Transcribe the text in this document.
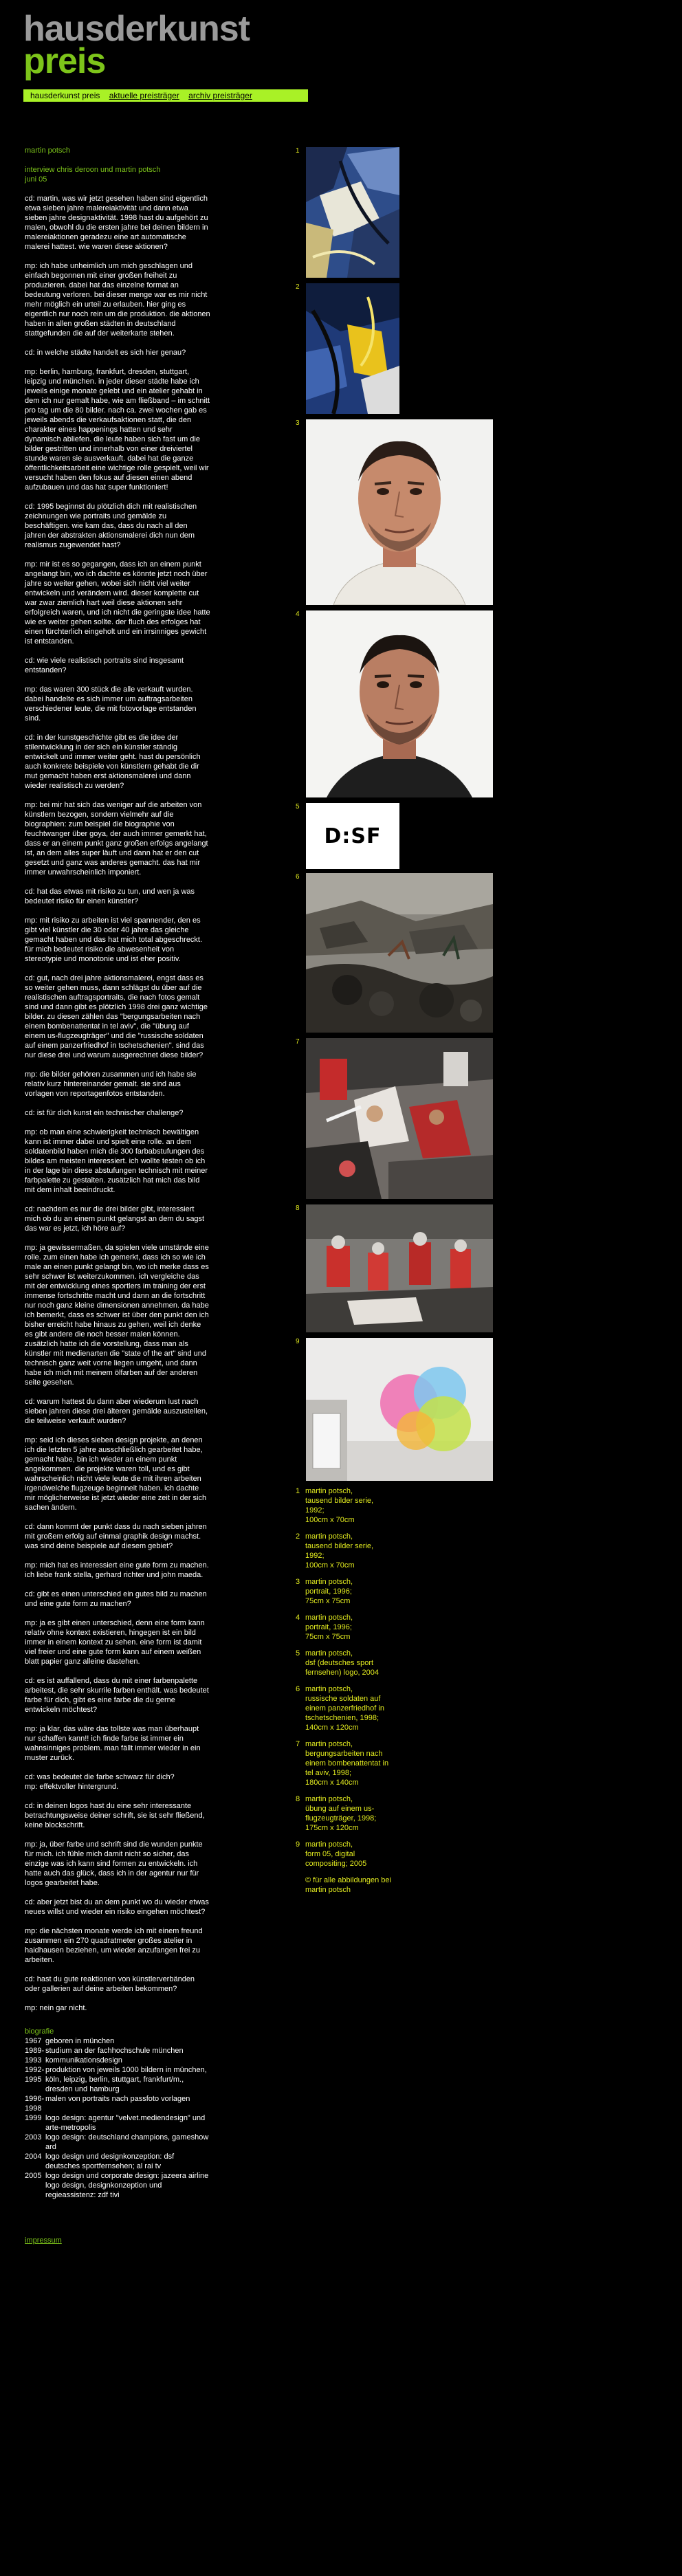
hausderkunst
preis
hausderkunst preis aktuelle preisträger archiv preisträger
martin potsch
interview chris deroon und martin potsch
juni 05
cd: martin, was wir jetzt gesehen haben sind eigentlich etwa sieben jahre malereiaktivität und dann etwa sieben jahre designaktivität. 1998 hast du aufgehört zu malen, obwohl du die ersten jahre bei deinen bildern in malereiaktionen geradezu eine art automatische malerei hattest. wie waren diese aktionen?
mp: ich habe unheimlich um mich geschlagen und einfach begonnen mit einer großen freiheit zu produzieren. dabei hat das einzelne format an bedeutung verloren. bei dieser menge war es mir nicht mehr möglich ein urteil zu erlauben. hier ging es eigentlich nur noch rein um die produktion. die aktionen haben in allen großen städten in deutschland stattgefunden die auf der weiterkarte stehen.
cd: in welche städte handelt es sich hier genau?
mp: berlin, hamburg, frankfurt, dresden, stuttgart, leipzig und münchen. in jeder dieser städte habe ich jeweils einige monate gelebt und ein atelier gehabt in dem ich nur gemalt habe, wie am fließband – im schnitt pro tag um die 80 bilder. nach ca. zwei wochen gab es jeweils abends die verkaufsaktionen statt, die den charakter eines happenings hatten und sehr dynamisch abliefen. die leute haben sich fast um die bilder gestritten und innerhalb von einer dreiviertel stunde waren sie ausverkauft. dabei hat die ganze öffentlichkeitsarbeit eine wichtige rolle gespielt, weil wir versucht haben den fokus auf diesen einen abend aufzubauen und das hat super funktioniert!
cd: 1995 beginnst du plötzlich dich mit realistischen zeichnungen wie portraits und gemälde zu beschäftigen. wie kam das, dass du nach all den jahren der abstrakten aktionsmalerei dich nun dem realismus zugewendet hast?
mp: mir ist es so gegangen, dass ich an einem punkt angelangt bin, wo ich dachte es könnte jetzt noch über jahre so weiter gehen, wobei sich nicht viel weiter entwickeln und verändern wird. dieser komplette cut war zwar ziemlich hart weil diese aktionen sehr erfolgreich waren, und ich nicht die geringste idee hatte wie es weiter gehen sollte. der fluch des erfolges hat einen fürchterlich eingeholt und ein irrsinniges gewicht ist entstanden.
cd: wie viele realistisch portraits sind insgesamt entstanden?
mp: das waren 300 stück die alle verkauft wurden. dabei handelte es sich immer um auftragsarbeiten verschiedener leute, die mit fotovorlage entstanden sind.
cd: in der kunstgeschichte gibt es die idee der stilentwicklung in der sich ein künstler ständig entwickelt und immer weiter geht. hast du persönlich auch konkrete beispiele von künstlern gehabt die dir mut gemacht haben erst aktionsmalerei und dann wieder realistisch zu werden?
mp: bei mir hat sich das weniger auf die arbeiten von künstlern bezogen, sondern vielmehr auf die biographien: zum beispiel die biographie von feuchtwanger über goya, der auch immer gemerkt hat, dass er an einem punkt ganz großen erfolgs angelangt ist, an dem alles super läuft und dann hat er den cut gesetzt und ganz was anderes gemacht. das hat mir immer unwahrscheinlich imponiert.
cd: hat das etwas mit risiko zu tun, und wen ja was bedeutet risiko für einen künstler?
mp: mit risiko zu arbeiten ist viel spannender, den es gibt viel künstler die 30 oder 40 jahre das gleiche gemacht haben und das hat mich total abgeschreckt. für mich bedeutet risiko die abwesenheit von stereotypie und monotonie und ist eher positiv.
cd: gut, nach drei jahre aktionsmalerei, engst dass es so weiter gehen muss, dann schlägst du über auf die realistischen auftragsportraits, die nach fotos gemalt sind und dann gibt es plötzlich 1998 drei ganz wichtige bilder. zu diesen zählen das "bergungsarbeiten nach einem bombenattentat in tel aviv", die "übung auf einem us-flugzeugträger" und die "russische soldaten auf einem panzerfriedhof in tschetschenien". sind das nur diese drei und warum ausgerechnet diese bilder?
mp: die bilder gehören zusammen und ich habe sie relativ kurz hintereinander gemalt. sie sind aus vorlagen von reportagenfotos entstanden.
cd: ist für dich kunst ein technischer challenge?
mp: ob man eine schwierigkeit technisch bewältigen kann ist immer dabei und spielt eine rolle. an dem soldatenbild haben mich die 300 farbabstufungen des bildes am meisten interessiert. ich wollte testen ob ich in der lage bin diese abstufungen technisch mit meiner farbpalette zu gestalten. zusätzlich hat mich das bild mit dem inhalt beeindruckt.
cd: nachdem es nur die drei bilder gibt, interessiert mich ob du an einem punkt gelangst an dem du sagst das war es jetzt, ich höre auf?
mp: ja gewissermaßen, da spielen viele umstände eine rolle. zum einen habe ich gemerkt, dass ich so wie ich male an einen punkt gelangt bin, wo ich merke dass es sehr schwer ist weiterzukommen. ich vergleiche das mit der entwicklung eines sportlers im training der erst immense fortschritte macht und dann an die fortschritt nur noch ganz kleine dimensionen annehmen. da habe ich bemerkt, dass es schwer ist über den punkt den ich bisher erreicht habe hinaus zu gehen, weil ich denke es gibt andere die noch besser malen können. zusätzlich hatte ich die vorstellung, dass man als künstler mit medienarten die "state of the art" sind und technisch ganz weit vorne liegen umgeht, und dann habe ich mich mit meinem ölfarben auf der anderen seite gesehen.
cd: warum hattest du dann aber wiederum lust nach sieben jahren diese drei älteren gemälde auszustellen, die teilweise verkauft wurden?
mp: seid ich dieses sieben design projekte, an denen ich die letzten 5 jahre ausschließlich gearbeitet habe, gemacht habe, bin ich wieder an einem punkt angekommen. die projekte waren toll, und es gibt wahrscheinlich nicht viele leute die mit ihren arbeiten irgendwelche flugzeuge beginneit haben. ich dachte mir möglicherweise ist jetzt wieder eine zeit in der sich sachen ändern.
cd: dann kommt der punkt dass du nach sieben jahren mit großem erfolg auf einmal graphik design machst. was sind deine beispiele auf diesem gebiet?
mp: mich hat es interessiert eine gute form zu machen. ich liebe frank stella, gerhard richter und john maeda.
cd: gibt es einen unterschied ein gutes bild zu machen und eine gute form zu machen?
mp: ja es gibt einen unterschied, denn eine form kann relativ ohne kontext existieren, hingegen ist ein bild immer in einem kontext zu sehen. eine form ist damit viel freier und eine gute form kann auf einem weißen blatt papier ganz alleine dastehen.
cd: es ist auffallend, dass du mit einer farbenpalette arbeitest, die sehr skurrile farben enthält. was bedeutet farbe für dich, gibt es eine farbe die du gerne entwickeln möchtest?
mp: ja klar, das wäre das tollste was man überhaupt nur schaffen kann!! ich finde farbe ist immer ein wahnsinniges problem. man fällt immer wieder in ein muster zurück.
cd: was bedeutet die farbe schwarz für dich?
mp: effektvoller hintergrund.
cd: in deinen logos hast du eine sehr interessante betrachtungsweise deiner schrift, sie ist sehr fließend, keine blockschrift.
mp: ja, über farbe und schrift sind die wunden punkte für mich. ich fühle mich damit nicht so sicher, das einzige was ich kann sind formen zu entwickeln. ich hatte auch das glück, dass ich in der agentur nur für logos gearbeitet habe.
cd: aber jetzt bist du an dem punkt wo du wieder etwas neues willst und wieder ein risiko eingehen möchtest?
mp: die nächsten monate werde ich mit einem freund zusammen ein 270 quadratmeter großes atelier in haidhausen beziehen, um wieder anzufangen frei zu arbeiten.
cd: hast du gute reaktionen von künstlerverbänden oder gallerien auf deine arbeiten bekommen?
mp: nein gar nicht.
biografie
1967 geboren in münchen
1989-1993
studium an der fachhochschule münchen kommunikationsdesign
1992-1995
produktion von jeweils 1000 bildern in münchen, köln, leipzig, berlin, stuttgart, frankfurt/m., dresden und hamburg
1996-1998
malen von portraits nach passfoto vorlagen
1999 logo design: agentur "velvet.mediendesign" und arte-metropolis
2003 logo design: deutschland champions, gameshow ard
2004 logo design und designkonzeption: dsf deutsches sportfernsehen; al rai tv
2005 logo design und corporate design: jazeera airline
logo design, designkonzeption und regieassistenz: zdf tivi
impressum
1
2
3
4
5
6
7
8
9
D:SF
1 martin potsch,
tausend bilder serie,
1992;
100cm x 70cm
2 martin potsch,
tausend bilder serie,
1992;
100cm x 70cm
3 martin potsch,
portrait, 1996;
75cm x 75cm
4 martin potsch,
portrait, 1996;
75cm x 75cm
5 martin potsch,
dsf (deutsches sport
fernsehen) logo, 2004
6 martin potsch,
russische soldaten auf
einem panzerfriedhof in
tschetschenien, 1998;
140cm x 120cm
7 martin potsch,
bergungsarbeiten nach
einem bombenattentat in
tel aviv, 1998;
180cm x 140cm
8 martin potsch,
übung auf einem us-
flugzeugträger, 1998;
175cm x 120cm
9 martin potsch,
form 05, digital
compositing; 2005
© für alle abbildungen bei
martin potsch
